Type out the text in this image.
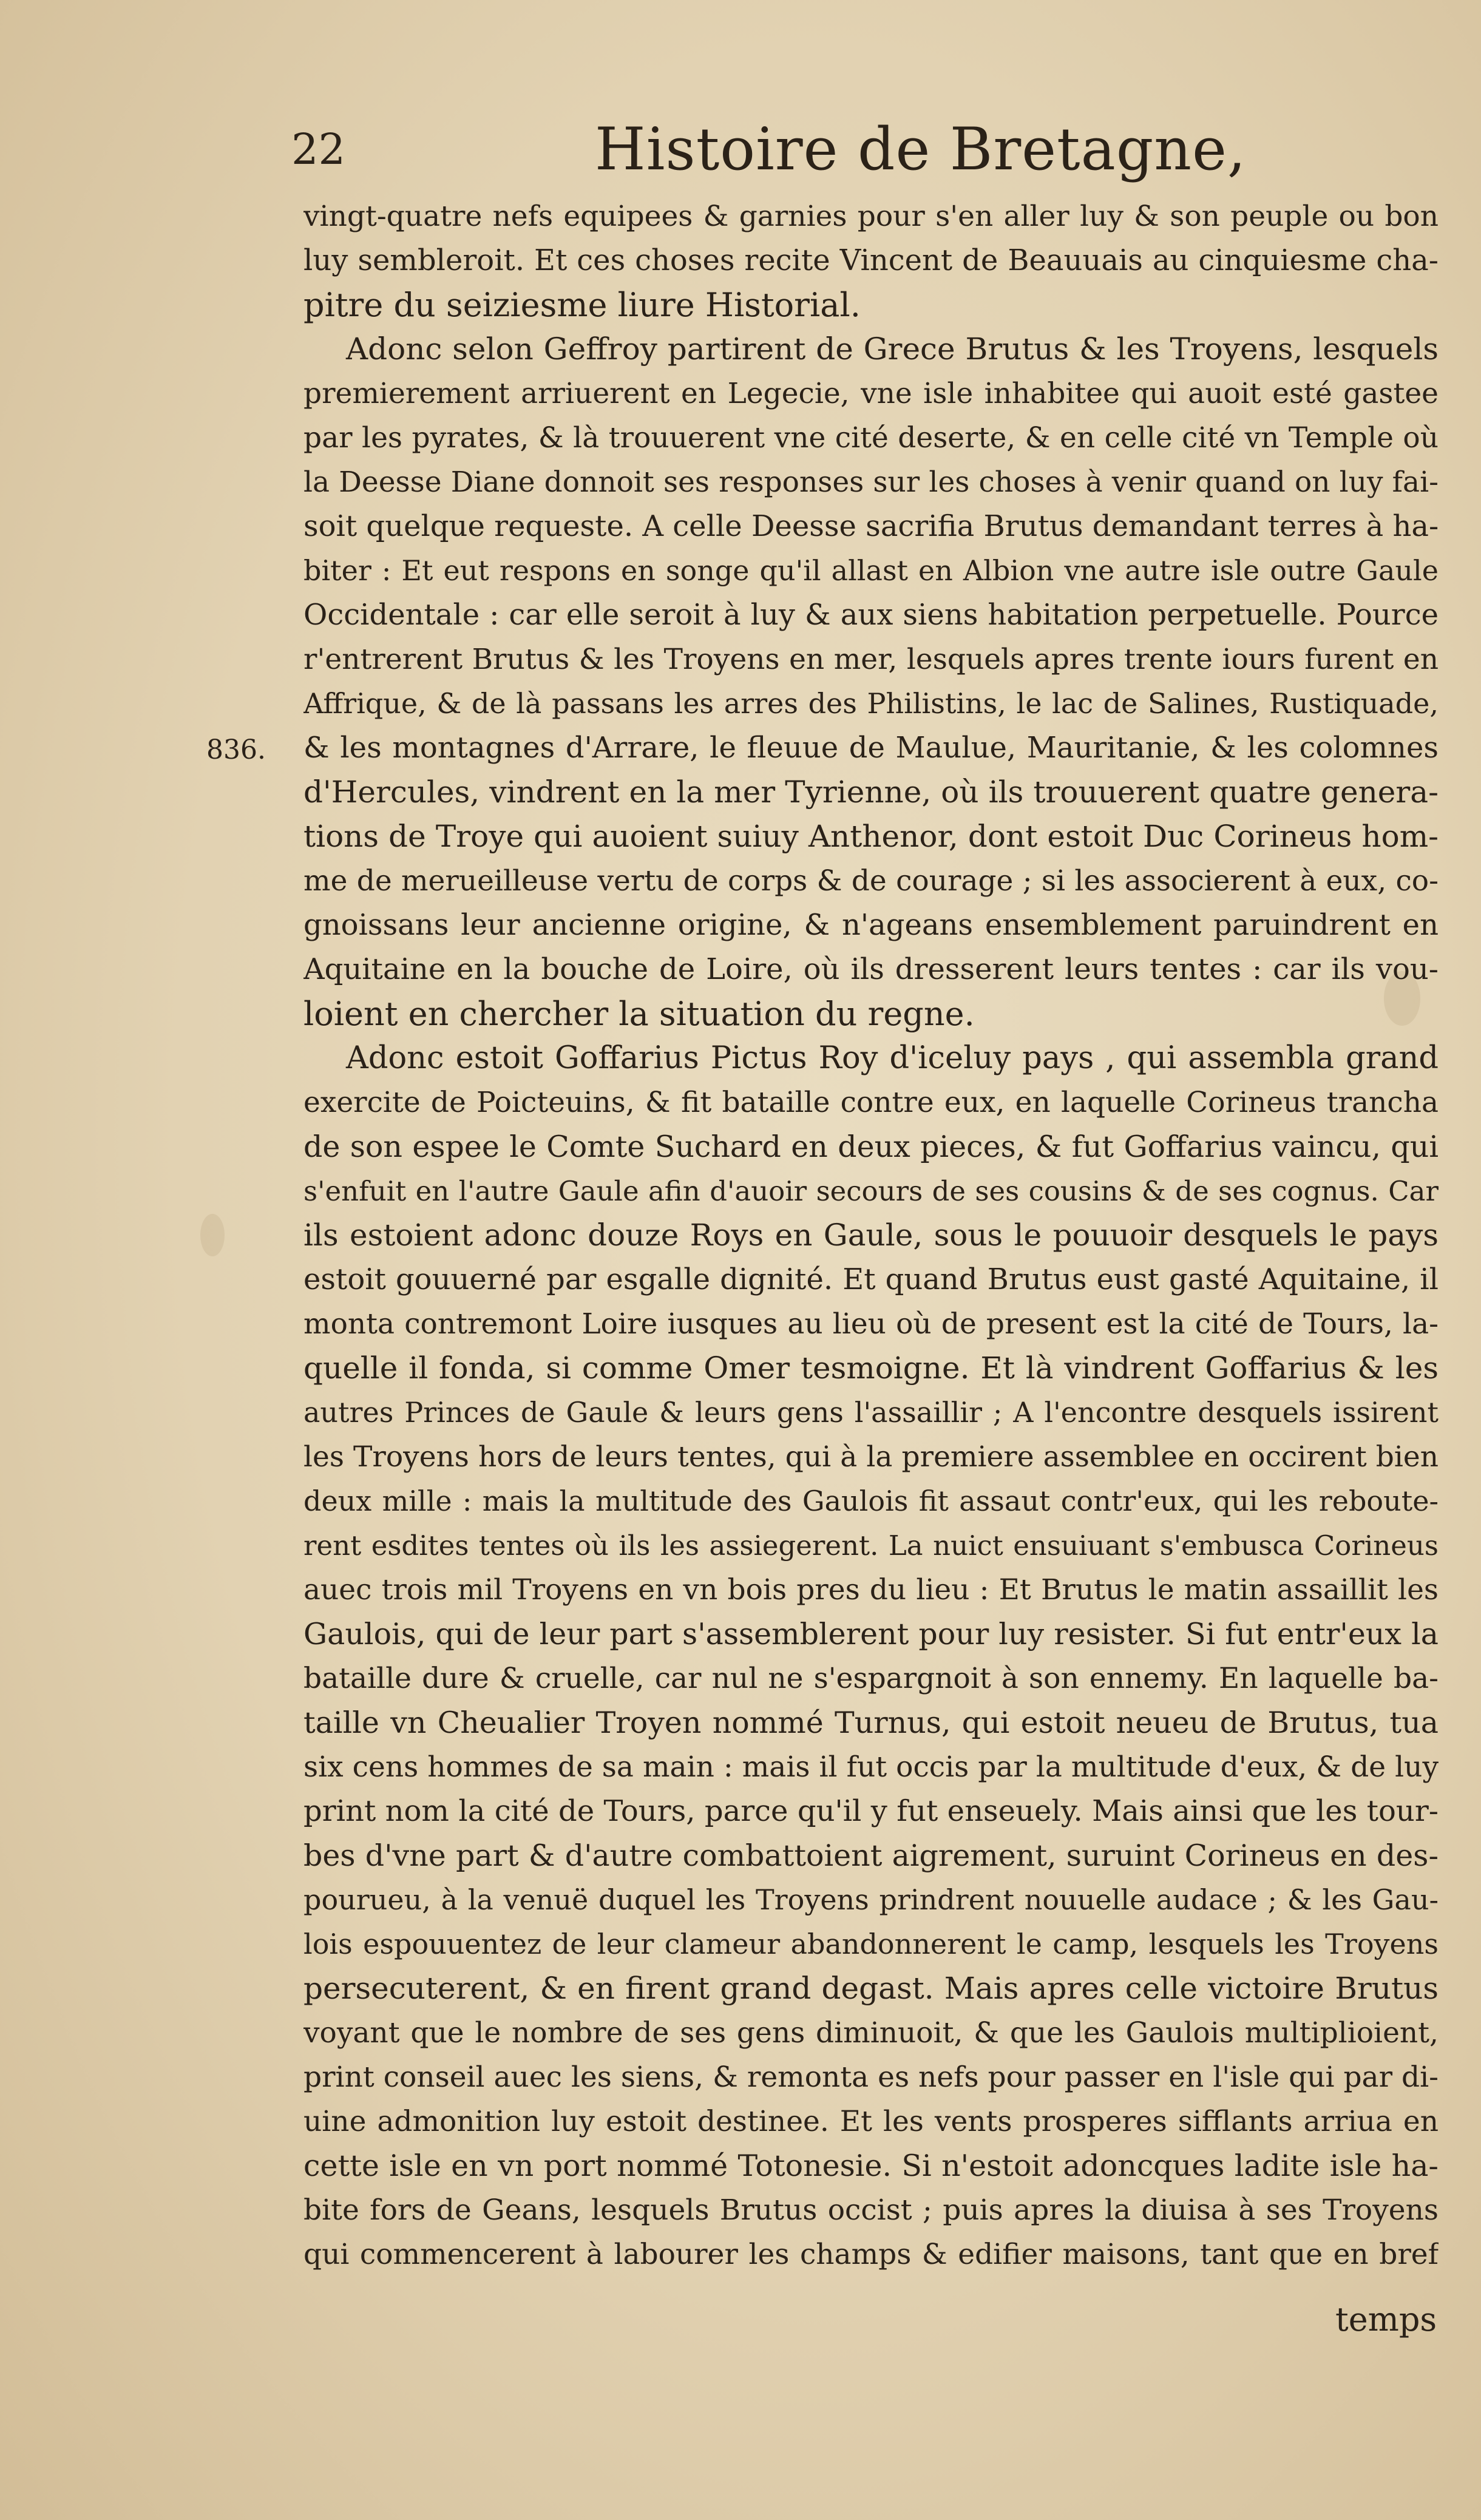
22	Histoire de Bretagne,
836.
vingt-quatre nefs equipees & garnies pour s'en aller luy & son peuple ou bon
luy sembleroit. Et ces choses recite Vincent de Beauuais au cinquiesme cha-
pitre du seiziesme liure Historial.
Adonc selon Geffroy partirent de Grece Brutus & les Troyens, lesquels
premierement arriuerent en Legecie, vne isle inhabitee qui auoit esté gastee
par les pyrates, & là trouuerent vne cité deserte, & en celle cité vn Temple où
la Deesse Diane donnoit ses responses sur les choses à venir quand on luy fai-
soit quelque requeste. A celle Deesse sacrifia Brutus demandant terres à ha-
biter : Et eut respons en songe qu'il allast en Albion vne autre isle outre Gaule
Occidentale : car elle seroit à luy & aux siens habitation perpetuelle. Pource
r'entrerent Brutus & les Troyens en mer, lesquels apres trente iours furent en
Affrique, & de là passans les arres des Philistins, le lac de Salines, Rustiquade,
& les montagnes d'Arrare, le fleuue de Maulue, Mauritanie, & les colomnes
d'Hercules, vindrent en la mer Tyrienne, où ils trouuerent quatre genera-
tions de Troye qui auoient suiuy Anthenor, dont estoit Duc Corineus hom-
me de merueilleuse vertu de corps & de courage ; si les associerent à eux, co-
gnoissans leur ancienne origine, & n'ageans ensemblement paruindrent en
Aquitaine en la bouche de Loire, où ils dresserent leurs tentes : car ils vou-
loient en chercher la situation du regne.
Adonc estoit Goffarius Pictus Roy d'iceluy pays , qui assembla grand
exercite de Poicteuins, & fit bataille contre eux, en laquelle Corineus trancha
de son espee le Comte Suchard en deux pieces, & fut Goffarius vaincu, qui
s'enfuit en l'autre Gaule afin d'auoir secours de ses cousins & de ses cognus. Car
ils estoient adonc douze Roys en Gaule, sous le pouuoir desquels le pays
estoit gouuerné par esgalle dignité. Et quand Brutus eust gasté Aquitaine, il
monta contremont Loire iusques au lieu où de present est la cité de Tours, la-
quelle il fonda, si comme Omer tesmoigne. Et là vindrent Goffarius & les
autres Princes de Gaule & leurs gens l'assaillir ; A l'encontre desquels issirent
les Troyens hors de leurs tentes, qui à la premiere assemblee en occirent bien
deux mille : mais la multitude des Gaulois fit assaut contr'eux, qui les reboute-
rent esdites tentes où ils les assiegerent. La nuict ensuiuant s'embusca Corineus
auec trois mil Troyens en vn bois pres du lieu : Et Brutus le matin assaillit les
Gaulois, qui de leur part s'assemblerent pour luy resister. Si fut entr'eux la
bataille dure & cruelle, car nul ne s'espargnoit à son ennemy. En laquelle ba-
taille vn Cheualier Troyen nommé Turnus, qui estoit neueu de Brutus, tua
six cens hommes de sa main : mais il fut occis par la multitude d'eux, & de luy
print nom la cité de Tours, parce qu'il y fut enseuely. Mais ainsi que les tour-
bes d'vne part & d'autre combattoient aigrement, suruint Corineus en des-
pourueu, à la venuë duquel les Troyens prindrent nouuelle audace ; & les Gau-
lois espouuentez de leur clameur abandonnerent le camp, lesquels les Troyens
persecuterent, & en firent grand degast. Mais apres celle victoire Brutus
voyant que le nombre de ses gens diminuoit, & que les Gaulois multiplioient,
print conseil auec les siens, & remonta es nefs pour passer en l'isle qui par di-
uine admonition luy estoit destinee. Et les vents prosperes sifflants arriua en
cette isle en vn port nommé Totonesie. Si n'estoit adoncques ladite isle ha-
bite fors de Geans, lesquels Brutus occist ; puis apres la diuisa à ses Troyens
qui commencerent à labourer les champs & edifier maisons, tant que en bref
temps
